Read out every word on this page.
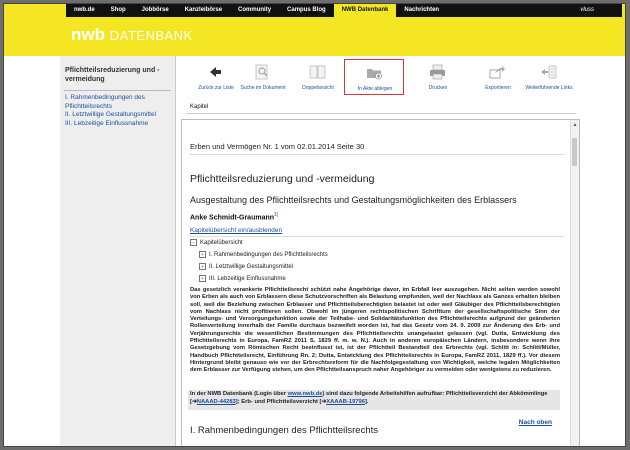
nwb.de	Shop	Jobbörse	Kanzleibörse	Community	Campus Blog	NWB Datenbank	Nachrichten	vluss
nwb DATENBANK
Pflichtteilsreduzierung und -vermeidung
I. Rahmenbedingungen des Pflichtteilsrechts
II. Letztwillige Gestaltungsmittel
III. Lebzeitige Einflussnahme
Zurück zur Liste	Suche im Dokument	Doppelansicht	In Akte ablegen	Drucken	Exportieren	Weiterführende Links
Kapitel
▲
Erben und Vermögen Nr. 1 vom 02.01.2014 Seite 30
Pflichtteilsreduzierung und -vermeidung
Ausgestaltung des Pflichtteilsrechts und Gestaltungsmöglichkeiten des Erblassers
Anke Schmidt-Graumann$^{1)}$
Kapitelübersicht ein/ausblenden
− Kapitelübersicht
+ I. Rahmenbedingungen des Pflichtteilsrechts
+ II. Letztwillige Gestaltungsmittel
+ III. Lebzeitige Einflussnahme
Das gesetzlich verankerte Pflichtteilsrecht schützt nahe Angehörige davor, im Erbfall leer auszugehen. Nicht selten werden sowohl von Erben als auch von Erblassern diese Schutzvorschriften als Belastung empfunden, weil der Nachlass als Ganzes erhalten bleiben soll, weil die Beziehung zwischen Erblasser und Pflichtteilsberechtigten belastet ist oder weil Gläubiger des Pflichtteilsberechtigten vom Nachlass nicht profitieren sollen. Obwohl im jüngeren rechtspolitischen Schrifttum der gesellschaftspolitische Sinn der Verteilungs- und Versorgungsfunktion sowie der Teilhabe- und Solidaritätsfunktion des Pflichtteilsrechts aufgrund der geänderten Rollenverteilung innerhalb der Familie durchaus bezweifelt worden ist, hat das Gesetz vom 24. 9. 2009 zur Änderung des Erb- und Verjährungsrechts die wesentlichen Bestimmungen des Pflichtteilsrechts unangetastet gelassen (vgl. Dutta, Entwicklung des Pflichtteilsrechts in Europa, FamRZ 2011 S. 1829 ff. m. w. N.). Auch in anderen europäischen Ländern, insbesondere wenn ihre Gesetzgebung vom Römischen Recht beeinflusst ist, ist der Pflichtteil Bestandteil des Erbrechts (vgl. Schlitt in: Schlitt/Müller, Handbuch Pflichtteilsrecht, Einführung Rn. 2; Dutta, Entwicklung des Pflichtteilsrechts in Europa, FamRZ 2011, 1829 ff.). Vor diesem Hintergrund bleibt genauso wie vor der Erbrechtsreform für die Nachfolgegestaltung von Wichtigkeit, welche legalen Möglichkeiten dem Erblasser zur Verfügung stehen, um den Pflichtteilsanspruch naher Angehöriger zu vermeiden oder wenigstens zu reduzieren.
In der NWB Datenbank (Login über www.nwb.de) sind dazu folgende Arbeitshilfen aufrufbar: Pflichtteilsverzicht der Abkömmlinge [➔NAAAD-44283]; Erb- und Pflichtteilsverzicht [➔XAAAB-19796].
Nach oben
I. Rahmenbedingungen des Pflichtteilsrechts
